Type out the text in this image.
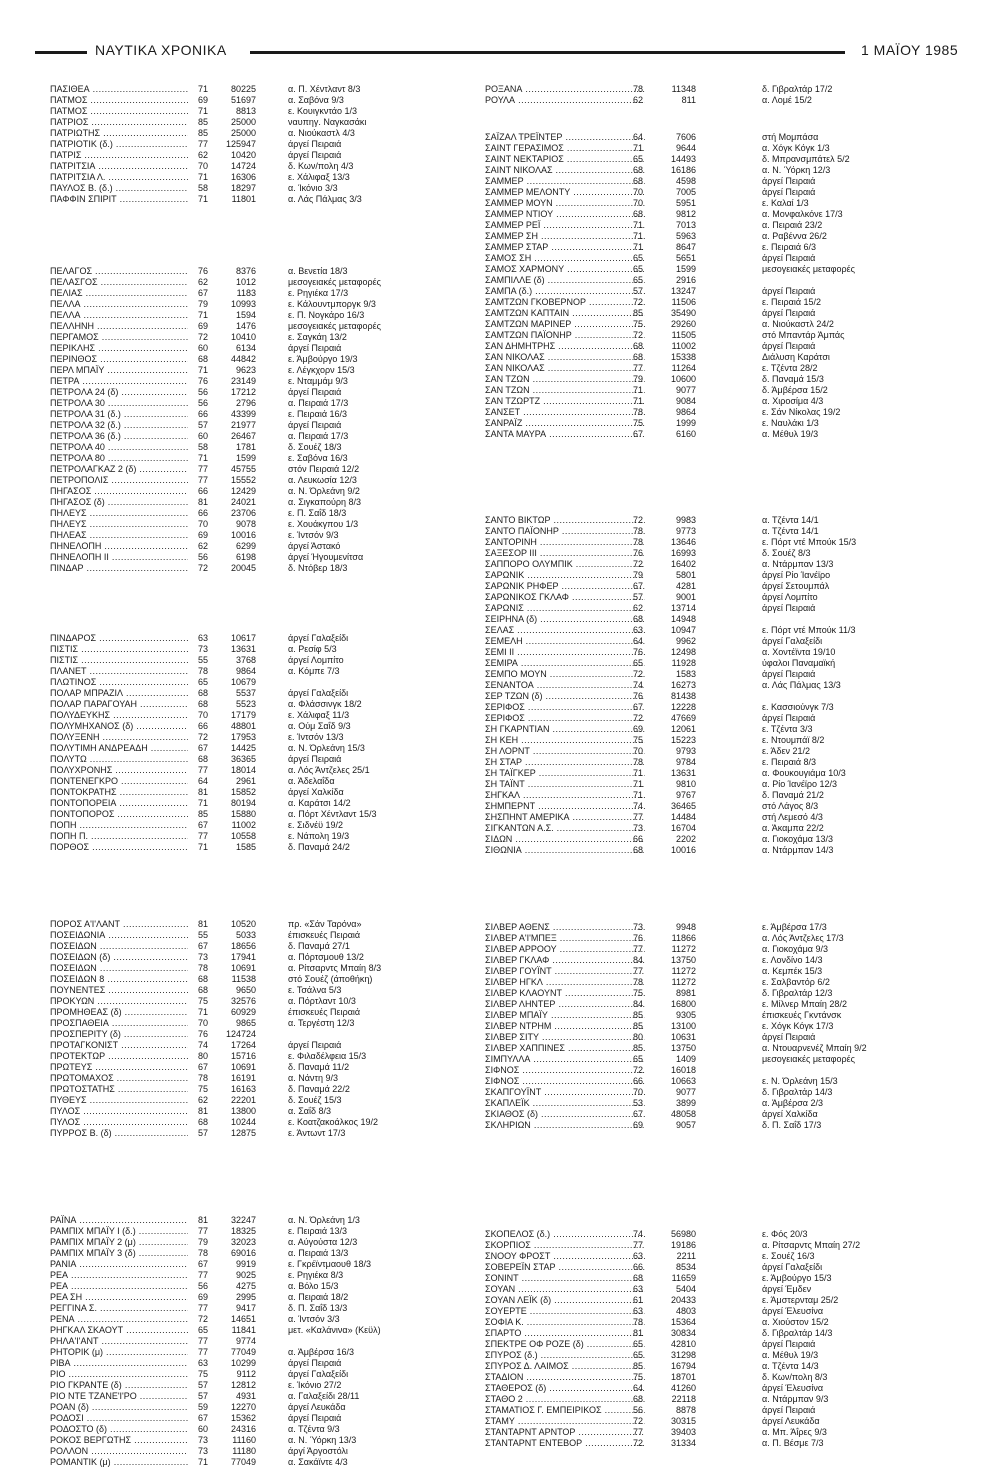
ΝΑΥΤΙΚΑ ΧΡΟΝΙΚΑ	1 ΜΑΪΟΥ 1985
ΠΑΣΙΘΕΑ .....	71	80225	α. Π. Χέντλαντ 8/3
ΠΑΤΜΟΣ .....	69	51697	α. Σαβόνα 9/3
ΠΑΤΜΟΣ .....	71	8813	ε. Κουιγκντάο 1/3
ΠΑΤΡΙΟΣ .....	85	25000	ναυπηγ. Ναγκασάκι
ΠΑΤΡΙΩΤΗΣ .....	85	25000	α. Νιούκαστλ 4/3
ΠΑΤΡΙΟΤΙΚ (δ.) .....	77	125947	άργεί Πειραιά
ΠΑΤΡΙΣ .....	62	10420	άργεί Πειραιά
ΠΑΤΡΙΤΣΙΑ .....	70	14724	δ. Κων/πολη 4/3
ΠΑΤΡΙΤΣΙΑ Λ. .....	71	16306	ε. Χάλιφαξ 13/3
ΠΑΥΛΟΣ Β. (δ.) .....	58	18297	α. Ίκόνιο 3/3
ΠΑΦΦΙΝ ΣΠΙΡΙΤ .....	71	11801	α. Λάς Πάλμας 3/3
ΠΕΛΑΓΟΣ .....	76	8376	α. Βενετία 18/3
ΠΕΛΑΣΓΟΣ .....	62	1012	μεσογειακές μεταφορές
ΠΕΛΙΑΣ .....	67	1183	ε. Ρηγιέκα 17/3
ΠΕΛΛΑ .....	79	10993	ε. Κάλουντμποργκ 9/3
ΠΕΛΛΑ .....	71	1594	ε. Π. Νογκάρο 16/3
ΠΕΛΛΗΝΗ .....	69	1476	μεσογειακές μεταφορές
ΠΕΡΓΑΜΟΣ .....	72	10410	ε. Σαγκάη 13/2
ΠΕΡΙΚΛΗΣ .....	60	6134	άργεί Πειραιά
ΠΕΡΙΝΘΟΣ .....	68	44842	ε. Άμβούργο 19/3
ΠΕΡΛ ΜΠΑΪΥ .....	71	9623	ε. Λέγκχορν 15/3
ΠΕΤΡΑ .....	76	23149	ε. Νταμμάμ 9/3
ΠΕΤΡΟΛΑ 24 (δ) .....	56	17212	άργεί Πειραιά
ΠΕΤΡΟΛΑ 30 .....	56	2796	α. Πειραιά 17/3
ΠΕΤΡΟΛΑ 31 (δ.) .....	66	43399	ε. Πειραιά 16/3
ΠΕΤΡΟΛΑ 32 (δ.) .....	57	21977	άργεί Πειραιά
ΠΕΤΡΟΛΑ 36 (δ.) .....	60	26467	α. Πειραιά 17/3
ΠΕΤΡΟΛΑ 40 .....	58	1781	δ. Σουέζ 18/3
ΠΕΤΡΟΛΑ 80 .....	71	1599	ε. Σαβόνα 16/3
ΠΕΤΡΟΛΑΓΚΑΖ 2 (δ) .....	77	45755	στόν Πειραιά 12/2
ΠΕΤΡΟΠΟΛΙΣ .....	77	15552	α. Λευκωσία 12/3
ΠΗΓΑΣΟΣ .....	66	12429	α. Ν. Όρλεάνη 9/2
ΠΗΓΑΣΟΣ (δ) .....	81	24021	α. Σιγκαπούρη 8/3
ΠΗΛΕΥΣ .....	66	23706	ε. Π. Σαΐδ 18/3
ΠΗΛΕΥΣ .....	70	9078	ε. Χουάκγπου 1/3
ΠΗΛΕΑΣ .....	69	10016	ε. Ίντσόν 9/3
ΠΗΝΕΛΟΠΗ .....	62	6299	άργεί Άστακό
ΠΗΝΕΛΟΠΗ ΙΙ .....	56	6198	άργεί Ήγουμενίτσα
ΠΙΝΔΑΡ .....	72	20045	δ. Ντόβερ 18/3
ΠΙΝΔΑΡΟΣ .....	63	10617	άργεί Γαλαξείδι
ΠΙΣΤΙΣ .....	73	13631	α. Ρεσίφ 5/3
ΠΙΣΤΙΣ .....	55	3768	άργεί Λομπίτο
ΠΛΑΝΕΤ .....	78	9864	α. Κόμπε 7/3
ΠΛΩΤΙΝΟΣ .....	65	10679
ΠΟΛΑΡ ΜΠΡΑΖΙΛ .....	68	5537	άργεί Γαλαξείδι
ΠΟΛΑΡ ΠΑΡΑΓΟΥΑΗ .....	68	5523	α. Φλάσσινγκ 18/2
ΠΟΛΥΔΕΥΚΗΣ .....	70	17179	ε. Χάλιφαξ 11/3
ΠΟΛΥΜΗΧΑΝΟΣ (δ) .....	66	48801	α. Ούμ Σαΐδ 9/3
ΠΟΛΥΞΕΝΗ .....	72	17953	ε. Ίντσόν 13/3
ΠΟΛΥΤΙΜΗ ΑΝΔΡΕΑΔΗ .....	67	14425	α. Ν. Όρλεάνη 15/3
ΠΟΛΥΤΩ .....	68	36365	άργεί Πειραιά
ΠΟΛΥΧΡΟΝΗΣ .....	77	18014	α. Λός Άντζελες 25/1
ΠΟΝΤΕΝΕΓΚΡΟ .....	64	2961	α. Άδελαΐδα
ΠΟΝΤΟΚΡΑΤΗΣ .....	81	15852	άργεί Χαλκίδα
ΠΟΝΤΟΠΟΡΕΙΑ .....	71	80194	α. Καράτσι 14/2
ΠΟΝΤΟΠΟΡΟΣ .....	85	15880	α. Πόρτ Χέντλαντ 15/3
ΠΟΠΗ .....	67	11002	ε. Σιδνέϋ 19/2
ΠΟΠΗ Π. .....	77	10558	ε. Νάπολη 19/3
ΠΟΡΘΟΣ .....	71	1585	δ. Παναμά 24/2
ΠΟΡΟΣ Α'Ι'ΛΑΝΤ .....	81	10520	πρ. «Σάν Ταρόνα»
ΠΟΣΕΙΔΩΝΙΑ .....	55	5033	έπισκευές Πειραιά
ΠΟΣΕΙΔΩΝ .....	67	18656	δ. Παναμά 27/1
ΠΟΣΕΙΔΩΝ (δ) .....	73	17941	α. Πόρτσμουθ 13/2
ΠΟΣΕΙΔΩΝ .....	78	10691	α. Ρίτσαρντς Μπαίη 8/3
ΠΟΣΕΙΔΩΝ 8 .....	68	11538	στό Σουέζ (άποθήκη)
ΠΟΥΝΕΝΤΕΣ .....	68	9650	ε. Τσάλνα 5/3
ΠΡΟΚΥΩΝ .....	75	32576	α. Πόρτλαντ 10/3
ΠΡΟΜΗΘΕΑΣ (δ) .....	71	60929	έπισκευές Πειραιά
ΠΡΟΣΠΑΘΕΙΑ .....	70	9865	α. Τεργέστη 12/3
ΠΡΟΣΠΕΡΙΤΥ (δ) .....	76	124724
ΠΡΟΤΑΓΚΟΝΙΣΤ .....	74	17264	άργεί Πειραιά
ΠΡΟΤΕΚΤΩΡ .....	80	15716	ε. Φιλαδέλφεια 15/3
ΠΡΩΤΕΥΣ .....	67	10691	δ. Παναμά 11/2
ΠΡΩΤΟΜΑΧΟΣ .....	78	16191	α. Νάντη 9/3
ΠΡΩΤΟΣΤΑΤΗΣ .....	75	16163	δ. Παναμά 22/2
ΠΥΘΕΥΣ .....	62	22201	δ. Σουέζ 15/3
ΠΥΛΟΣ .....	81	13800	α. Σαΐδ 8/3
ΠΥΛΟΣ .....	68	10244	ε. Κοατζακοάλκος 19/2
ΠΥΡΡΟΣ Β. (δ) .....	57	12875	ε. Άντωντ 17/3
ΡΑΪΝΑ .....	81	32247	α. Ν. Όρλεάνη 1/3
ΡΑΜΠΙΧ ΜΠΑΪΥ Ι (δ.) .....	77	18325	ε. Πειραιά 13/3
ΡΑΜΠΙΧ ΜΠΑΪΥ 2 (μ) .....	79	32023	α. Αύγούστα 12/3
ΡΑΜΠΙΧ ΜΠΑΪΥ 3 (δ) .....	78	69016	α. Πειραιά 13/3
ΡΑΝΙΑ .....	67	9919	ε. Γκρέϊντμαουθ 18/3
ΡΕΑ .....	77	9025	ε. Ρηγιέκα 8/3
ΡΕΑ .....	56	4275	α. Βόλο 15/3
ΡΕΑ ΣΗ .....	69	2995	α. Πειραιά 18/2
ΡΕΓΓΙΝΑ Σ. .....	77	9417	δ. Π. Σαΐδ 13/3
ΡΕΝΑ .....	72	14651	α. Ίντσόν 3/3
ΡΗΓΚΑΛ ΣΚΑΟΥΤ .....	65	11841	μετ. «Καλάνινα» (Κεϋλ)
ΡΗΛΑ'Ι'ΑΝΤ .....	77	9774
ΡΗΤΟΡΙΚ (μ) .....	77	77049	α. Άμβέρσα 16/3
ΡΙΒΑ .....	63	10299	άργεί Πειραιά
ΡΙΟ .....	75	9112	άργεί Γαλαξείδι
ΡΙΟ ΓΚΡΑΝΤΕ (δ) .....	57	12812	ε. Ίκόνιο 27/2
ΡΙΟ ΝΤΕ ΤΖΑΝΕ'Ι'ΡΟ .....	57	4931	α. Γαλαξείδι 28/11
ΡΟΑΝ (δ) .....	59	12270	άργεί Λευκάδα
ΡΟΔΟΣΙ .....	67	15362	άργεί Πειραιά
ΡΟΔΟΣΤΟ (δ) .....	60	24316	α. Τζέντα 9/3
ΡΟΚΟΣ ΒΕΡΓΩΤΗΣ .....	73	11160	α. Ν. Ύόρκη 13/3
ΡΟΛΛΟΝ .....	73	11180	άργί Άργοστόλι
ΡΟΜΑΝΤΙΚ (μ) .....	71	77049	α. Σακάϊντε 4/3
ΡΟΞΑΝΑ .....	78	11348	δ. Γιβραλτάρ 17/2
ΡΟΥΛΑ .....	62	811	α. Λομέ 15/2
ΣΑΪΖΑΛ ΤΡΕΪΝΤΕΡ .....	64	7606	στή Μομπάσα
ΣΑΙΝΤ ΓΕΡΑΣΙΜΟΣ .....	71	9644	α. Χόγκ Κόγκ 1/3
ΣΑΙΝΤ ΝΕΚΤΑΡΙΟΣ .....	65	14493	δ. Μπρανσμπάτελ 5/2
ΣΑΙΝΤ ΝΙΚΟΛΑΣ .....	68	16186	α. Ν. Ύόρκη 12/3
ΣΑΜΜΕΡ .....	68	4598	άργεί Πειραιά
ΣΑΜΜΕΡ ΜΕΛΟΝΤΥ .....	70	7005	άργεί Πειραιά
ΣΑΜΜΕΡ ΜΟΥΝ .....	70	5951	ε. Καλαί 1/3
ΣΑΜΜΕΡ ΝΤΙΟΥ .....	68	9812	α. Μονφαλκόνε 17/3
ΣΑΜΜΕΡ ΡΕΪ .....	71	7013	α. Πειραιά 23/2
ΣΑΜΜΕΡ ΣΗ .....	71	5963	α. Ραβέννα 26/2
ΣΑΜΜΕΡ ΣΤΑΡ .....	71	8647	ε. Πειραιά 6/3
ΣΑΜΟΣ ΣΗ .....	65	5651	άργεί Πειραιά
ΣΑΜΟΣ ΧΑΡΜΟΝΥ .....	65	1599	μεσογειακές μεταφορές
ΣΑΜΠΙΛΛΕ (δ) .....	65	2916
ΣΑΜΠΑ (δ.) .....	57	13247	άργεί Πειραιά
ΣΑΜΤΖΩΝ ΓΚΟΒΕΡΝΟΡ .....	72	11506	ε. Πειραιά 15/2
ΣΑΜΤΖΩΝ ΚΑΠΤΑΙΝ .....	85	35490	άργεί Πειραιά
ΣΑΜΤΖΩΝ ΜΑΡΙΝΕΡ .....	75	29260	α. Νιούκαστλ 24/2
ΣΑΜΤΖΩΝ ΠΑΪΟΝΗΡ .....	72	11505	στό Μπαντάρ Άμπάς
ΣΑΝ ΔΗΜΗΤΡΗΣ .....	68	11002	άργεί Πειραιά
ΣΑΝ ΝΙΚΟΛΑΣ .....	68	15338	Διάλυση Καράτσι
ΣΑΝ ΝΙΚΟΛΑΣ .....	77	11264	ε. Τζέντα 28/2
ΣΑΝ ΤΖΩΝ .....	79	10600	δ. Παναμά 15/3
ΣΑΝ ΤΖΩΝ .....	71	9077	δ. Άμβέρσα 15/2
ΣΑΝ ΤΖΩΡΤΖ .....	71	9084	α. Χιροσίμα 4/3
ΣΑΝΣΕΤ .....	78	9864	ε. Σάν Νίκολας 19/2
ΣΑΝΡΑΪΖ .....	75	1999	ε. Ναυλάκι 1/3
ΣΑΝΤΑ ΜΑΥΡΑ .....	67	6160	α. Μέθυλ 19/3
ΣΑΝΤΟ ΒΙΚΤΩΡ .....	72	9983	α. Τζέντα 14/1
ΣΑΝΤΟ ΠΑΪΟΝΗΡ .....	78	9773	α. Τζέντα 14/1
ΣΑΝΤΟΡΙΝΗ .....	78	13646	ε. Πόρτ ντέ Μπούκ 15/3
ΣΑΞΕΣΟΡ ΙΙΙ .....	76	16993	δ. Σουέζ 8/3
ΣΑΠΠΟΡΟ ΟΛΥΜΠΙΚ .....	72	16402	α. Ντάρμπαν 13/3
ΣΑΡΩΝΙΚ .....	79	5801	άργεί Ρίο Ίανέϊρο
ΣΑΡΩΝΙΚ ΡΗΦΕΡ .....	67	4281	άργεί Σετουμπάλ
ΣΑΡΩΝΙΚΟΣ ΓΚΛΑΦ .....	57	9001	άργεί Λομπίτο
ΣΑΡΩΝΙΣ .....	62	13714	άργεί Πειραιά
ΣΕΙΡΗΝΑ (δ) .....	68	14948
ΣΕΛΑΣ .....	63	10947	ε. Πόρτ ντέ Μπούκ 11/3
ΣΕΜΕΛΗ .....	64	9962	άργεί Γαλαξείδι
ΣΕΜΙ ΙΙ .....	76	12498	α. Χοντέϊντα 19/10
ΣΕΜΙΡΑ .....	65	11928	ύφαλοι Παναμαϊκή
ΣΕΜΠΟ ΜΟΥΝ .....	72	1583	άργεί Πειραιά
ΣΕΝΑΝΤΟΑ .....	74	16273	α. Λάς Πάλμας 13/3
ΣΕΡ ΤΖΩΝ (δ) .....	76	81438
ΣΕΡΙΦΟΣ .....	67	12228	ε. Κασσιούνγκ 7/3
ΣΕΡΙΦΟΣ .....	72	47669	άργεί Πειραιά
ΣΗ ΓΚΑΡΝΤΙΑΝ .....	69	12061	ε. Τζέντα 3/3
ΣΗ ΚΕΗ .....	75	15223	ε. Ντουμπάϊ 8/2
ΣΗ ΛΟΡΝΤ .....	70	9793	ε. Άδεν 21/2
ΣΗ ΣΤΑΡ .....	78	9784	ε. Πειραιά 8/3
ΣΗ ΤΑΪΓΚΕΡ .....	71	13631	α. Φουκουγιάμα 10/3
ΣΗ ΤΑΪΝΤ .....	71	9810	α. Ρίο Ίανέϊρο 12/3
ΣΗΓΚΑΛ .....	71	9767	δ. Παναμά 21/2
ΣΗΜΠΕΡΝΤ .....	74	36465	στό Λάγος 8/3
ΣΗΣΠΗΝΤ ΑΜΕΡΙΚΑ .....	77	14484	στή Λεμεσό 4/3
ΣΙΓΚΑΝΤΩΝ Α.Σ. .....	73	16704	α. Άκαμπα 22/2
ΣΙΔΩΝ .....	66	2202	α. Γιοκοχάμα 13/3
ΣΙΘΩΝΙΑ .....	68	10016	α. Ντάρμπαν 14/3
ΣΙΛΒΕΡ ΑΘΕΝΣ .....	73	9948	ε. Άμβέρσα 17/3
ΣΙΛΒΕΡ Α'Ι'ΜΠΕΞ .....	76	11866	α. Λός Άντζελες 17/3
ΣΙΛΒΕΡ ΑΡΡΟΟΥ .....	77	11272	α. Γιοκοχάμα 9/3
ΣΙΛΒΕΡ ΓΚΛΑΦ .....	84	13750	ε. Λονδίνο 14/3
ΣΙΛΒΕΡ ΓΟΥΪΝΤ .....	77	11272	α. Κεμπέκ 15/3
ΣΙΛΒΕΡ ΗΓΚΛ .....	78	11272	ε. Σαλβαντόρ 6/2
ΣΙΛΒΕΡ ΚΛΑΟΥΝΤ .....	75	8981	δ. Γιβραλτάρ 12/3
ΣΙΛΒΕΡ ΛΗΝΤΕΡ .....	84	16800	ε. Μίλνερ Μπαίη 28/2
ΣΙΛΒΕΡ ΜΠΑΪΥ .....	85	9305	έπισκευές Γκντάνσκ
ΣΙΛΒΕΡ ΝΤΡΗΜ .....	85	13100	ε. Χόγκ Κόγκ 17/3
ΣΙΛΒΕΡ ΣΙΤΥ .....	80	10631	άργεί Πειραιά
ΣΙΛΒΕΡ ΧΑΠΠΙΝΕΣ .....	85	13750	α. Ντουαρνενέζ Μπαίη 9/2
ΣΙΜΠΥΛΛΑ .....	65	1409	μεσογειακές μεταφορές
ΣΙΦΝΟΣ .....	72	16018
ΣΙΦΝΟΣ .....	66	10663	ε. Ν. Όρλεάνη 15/3
ΣΚΑΠΓΟΥΪΝΤ .....	70	9077	δ. Γιβραλτάρ 14/3
ΣΚΑΠΛΕΪΚ .....	53	3899	α. Άμβέρσα 2/3
ΣΚΙΑΘΟΣ (δ) .....	67	48058	άργεί Χαλκίδα
ΣΚΛΗΡΙΩΝ .....	69	9057	δ. Π. Σαΐδ 17/3
ΣΚΟΠΕΛΟΣ (δ.) .....	74	56980	ε. Φός 20/3
ΣΚΟΡΠΙΟΣ .....	77	19186	α. Ρίτσαρντς Μπαίη 27/2
ΣΝΟΟΥ ΦΡΟΣΤ .....	63	2211	ε. Σουέζ 16/3
ΣΟΒΕΡΕΪΝ ΣΤΑΡ .....	66	8534	άργεί Γαλαξείδι
ΣΟΝΙΝΤ .....	68	11659	ε. Άμβούργο 15/3
ΣΟΥΑΝ .....	63	5404	άργεί Έμδεν
ΣΟΥΑΝ ΛΕΪΚ (δ) .....	61	20433	ε. Άμστερνταμ 25/2
ΣΟΥΕΡΤΕ .....	63	4803	άργεί Έλευσίνα
ΣΟΦΙΑ Κ. .....	78	15364	α. Χιούστον 15/2
ΣΠΑΡΤΟ .....	81	30834	δ. Γιβραλτάρ 14/3
ΣΠΕΚΤΡΕ ΟΦ ΡΟΖΕ (δ) .....	65	42810	άργεί Πειραιά
ΣΠΥΡΟΣ (δ.) .....	65	31298	α. Μέθυλ 19/3
ΣΠΥΡΟΣ Δ. ΛΑΙΜΟΣ .....	85	16794	α. Τζέντα 14/3
ΣΤΑΔΙΟΝ .....	75	18701	δ. Κων/πολη 8/3
ΣΤΑΘΕΡΟΣ (δ) .....	64	41260	άργεί Έλευσίνα
ΣΤΑΘΟ 2 .....	68	22118	α. Ντάρμπαν 9/3
ΣΤΑΜΑΤΙΟΣ Γ. ΕΜΠΕΙΡΙΚΟΣ .....	56	8878	άργεί Πειραιά
ΣΤΑΜΥ .....	72	30315	άργεί Λευκάδα
ΣΤΑΝΤΑΡΝΤ ΑΡΝΤΟΡ .....	77	39403	α. Μπ. Άΐρες 9/3
ΣΤΑΝΤΑΡΝΤ ΕΝΤΕΒΟΡ .....	72	31334	α. Π. Βέσμε 7/3
